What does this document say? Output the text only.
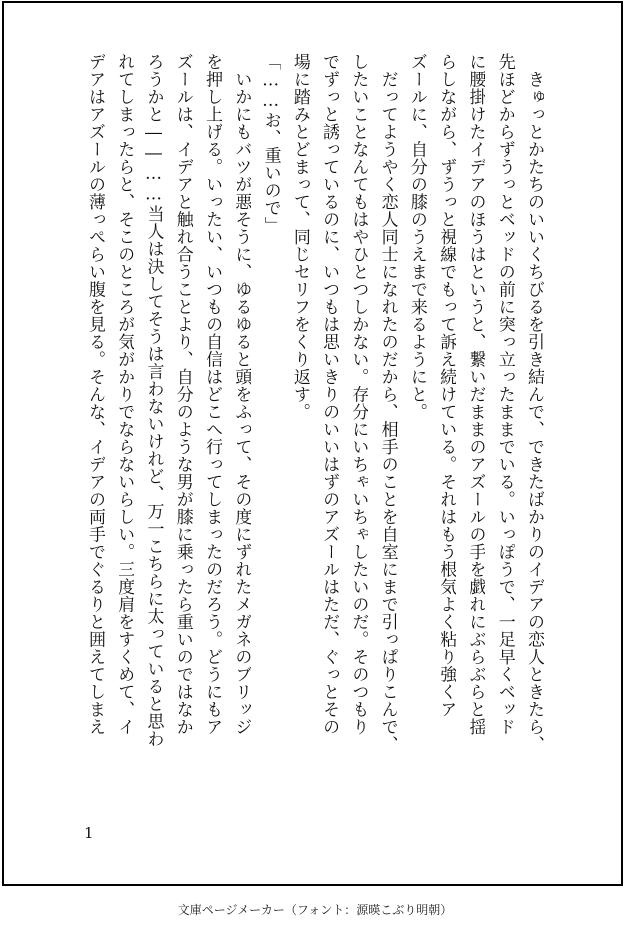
　きゅっとかたちのいいくちびるを引き結んで、できたばかりのイデアの恋人ときたら、
先ほどからずうっとベッドの前に突っ立ったままでいる。いっぽうで、一足早くベッド
に腰掛けたイデアのほうはというと、繋いだままのアズールの手を戯れにぶらぶらと揺
らしながら、ずうっと視線でもって訴え続けている。それはもう根気よく粘り強くア
ズールに、自分の膝のうえまで来るようにと。
　だってようやく恋人同士になれたのだから、相手のことを自室にまで引っぱりこんで、
したいことなんてもはやひとつしかない。存分にいちゃいちゃしたいのだ。そのつもり
でずっと誘っているのに、いつもは思いきりのいいはずのアズールはただ、ぐっとその
場に踏みとどまって、同じセリフをくり返す。
「……お、重いので」
　いかにもバツが悪そうに、ゆるゆると頭をふって、その度にずれたメガネのブリッジ
を押し上げる。いったい、いつもの自信はどこへ行ってしまったのだろう。どうにもア
ズールは、イデアと触れ合うことより、自分のような男が膝に乗ったら重いのではなか
ろうかと――……当人は決してそうは言わないけれど、万一こちらに太っていると思わ
れてしまったらと、そこのところが気がかりでならないらしい。三度肩をすくめて、イ
デアはアズールの薄っぺらい腹を見る。そんな、イデアの両手でぐるりと囲えてしまえ
1
文庫ページメーカー（フォント：源暎こぶり明朝）
